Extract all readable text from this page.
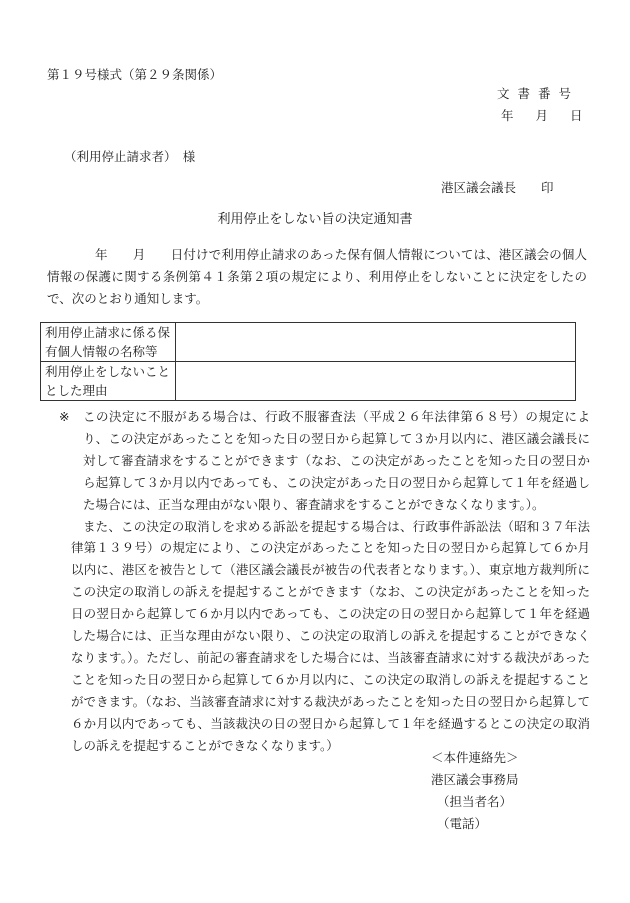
第１９号様式（第２９条関係）
文書番号
年 月 日
（利用停止請求者）　様
港区議会議長　　印
利用停止をしない旨の決定通知書
年　　月　　日付けで利用停止請求のあった保有個人情報については、港区議会の個人情報の保護に関する条例第４１条第２項の規定により、利用停止をしないことに決定をしたので、次のとおり通知します。
利用停止請求に係る保有個人情報の名称等	
利用停止をしないこととした理由	
※	この決定に不服がある場合は、行政不服審査法（平成２６年法律第６８号）の規定により、この決定があったことを知った日の翌日から起算して３か月以内に、港区議会議長に対して審査請求をすることができます（なお、この決定があったことを知った日の翌日から起算して３か月以内であっても、この決定があった日の翌日から起算して１年を経過した場合には、正当な理由がない限り、審査請求をすることができなくなります。）。

また、この決定の取消しを求める訴訟を提起する場合は、行政事件訴訟法（昭和３７年法律第１３９号）の規定により、この決定があったことを知った日の翌日から起算して６か月以内に、港区を被告として（港区議会議長が被告の代表者となります。）、東京地方裁判所にこの決定の取消しの訴えを提起することができます（なお、この決定があったことを知った日の翌日から起算して６か月以内であっても、この決定の日の翌日から起算して１年を経過した場合には、正当な理由がない限り、この決定の取消しの訴えを提起することができなくなります。）。ただし、前記の審査請求をした場合には、当該審査請求に対する裁決があったことを知った日の翌日から起算して６か月以内に、この決定の取消しの訴えを提起することができます。（なお、当該審査請求に対する裁決があったことを知った日の翌日から起算して６か月以内であっても、当該裁決の日の翌日から起算して１年を経過するとこの決定の取消しの訴えを提起することができなくなります。）

＜本件連絡先＞
港区議会事務局
（担当者名）
（電話）
